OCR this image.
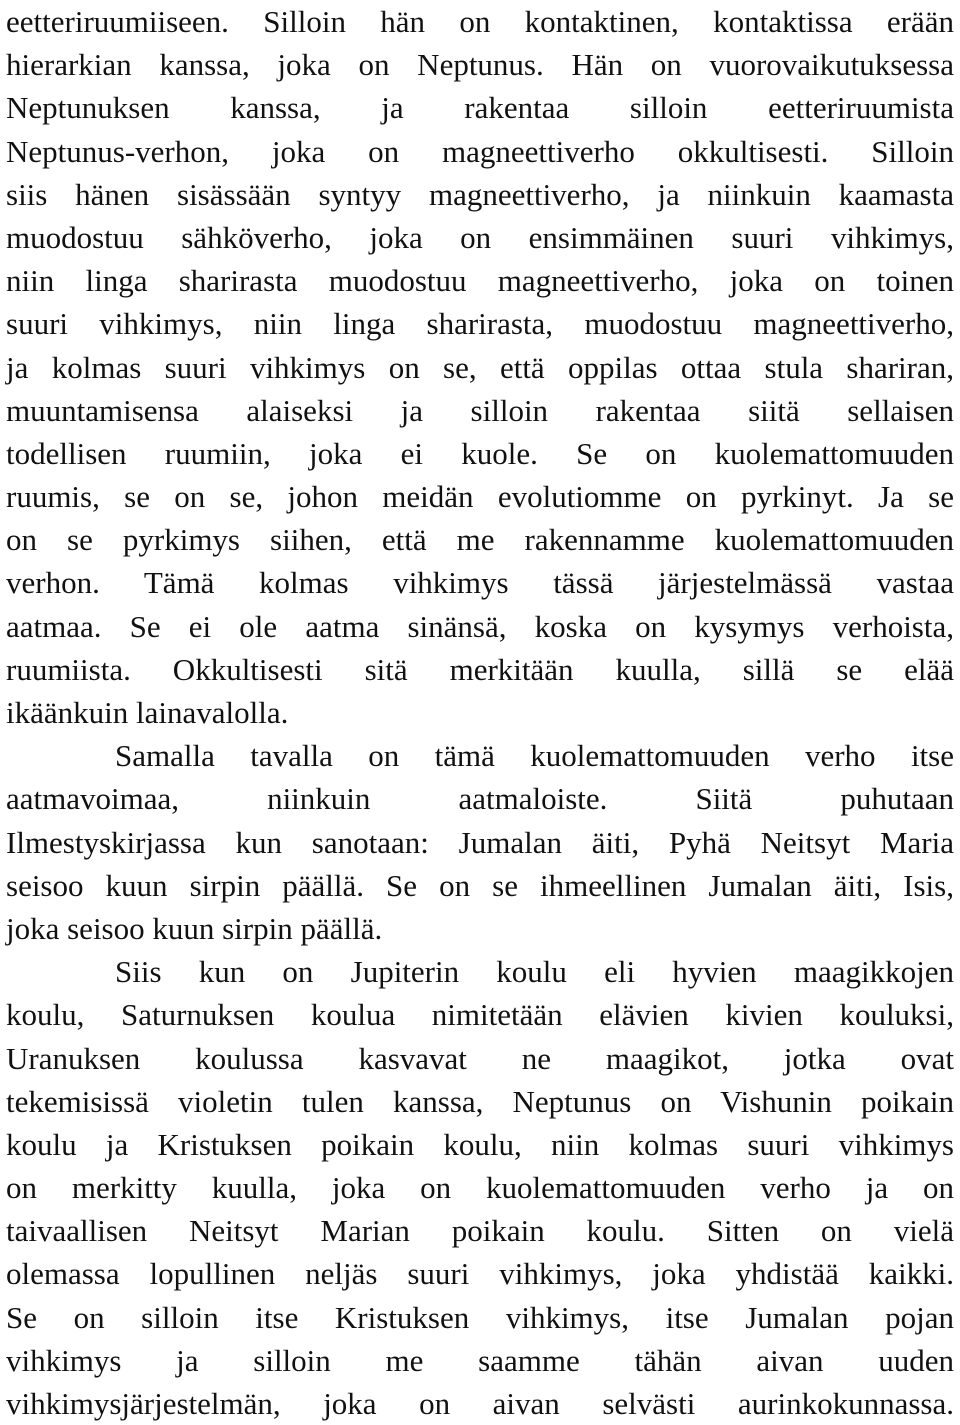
eetteriruumiiseen. Silloin hän on kontaktinen, kontaktissa erään
hierarkian kanssa, joka on Neptunus. Hän on vuorovaikutuksessa
Neptunuksen kanssa, ja rakentaa silloin eetteriruumista
Neptunus-verhon, joka on magneettiverho okkultisesti. Silloin
siis hänen sisässään syntyy magneettiverho, ja niinkuin kaamasta
muodostuu sähköverho, joka on ensimmäinen suuri vihkimys,
niin linga sharirasta muodostuu magneettiverho, joka on toinen
suuri vihkimys, niin linga sharirasta, muodostuu magneettiverho,
ja kolmas suuri vihkimys on se, että oppilas ottaa stula shariran,
muuntamisensa alaiseksi ja silloin rakentaa siitä sellaisen
todellisen ruumiin, joka ei kuole. Se on kuolemattomuuden
ruumis, se on se, johon meidän evolutiomme on pyrkinyt. Ja se
on se pyrkimys siihen, että me rakennamme kuolemattomuuden
verhon. Tämä kolmas vihkimys tässä järjestelmässä vastaa
aatmaa. Se ei ole aatma sinänsä, koska on kysymys verhoista,
ruumiista. Okkultisesti sitä merkitään kuulla, sillä se elää
ikäänkuin lainavalolla.
Samalla tavalla on tämä kuolemattomuuden verho itse
aatmavoimaa, niinkuin aatmaloiste. Siitä puhutaan
Ilmestyskirjassa kun sanotaan: Jumalan äiti, Pyhä Neitsyt Maria
seisoo kuun sirpin päällä. Se on se ihmeellinen Jumalan äiti, Isis,
joka seisoo kuun sirpin päällä.
Siis kun on Jupiterin koulu eli hyvien maagikkojen
koulu, Saturnuksen koulua nimitetään elävien kivien kouluksi,
Uranuksen koulussa kasvavat ne maagikot, jotka ovat
tekemisissä violetin tulen kanssa, Neptunus on Vishunin poikain
koulu ja Kristuksen poikain koulu, niin kolmas suuri vihkimys
on merkitty kuulla, joka on kuolemattomuuden verho ja on
taivaallisen Neitsyt Marian poikain koulu. Sitten on vielä
olemassa lopullinen neljäs suuri vihkimys, joka yhdistää kaikki.
Se on silloin itse Kristuksen vihkimys, itse Jumalan pojan
vihkimys ja silloin me saamme tähän aivan uuden
vihkimysjärjestelmän, joka on aivan selvästi aurinkokunnassa.
